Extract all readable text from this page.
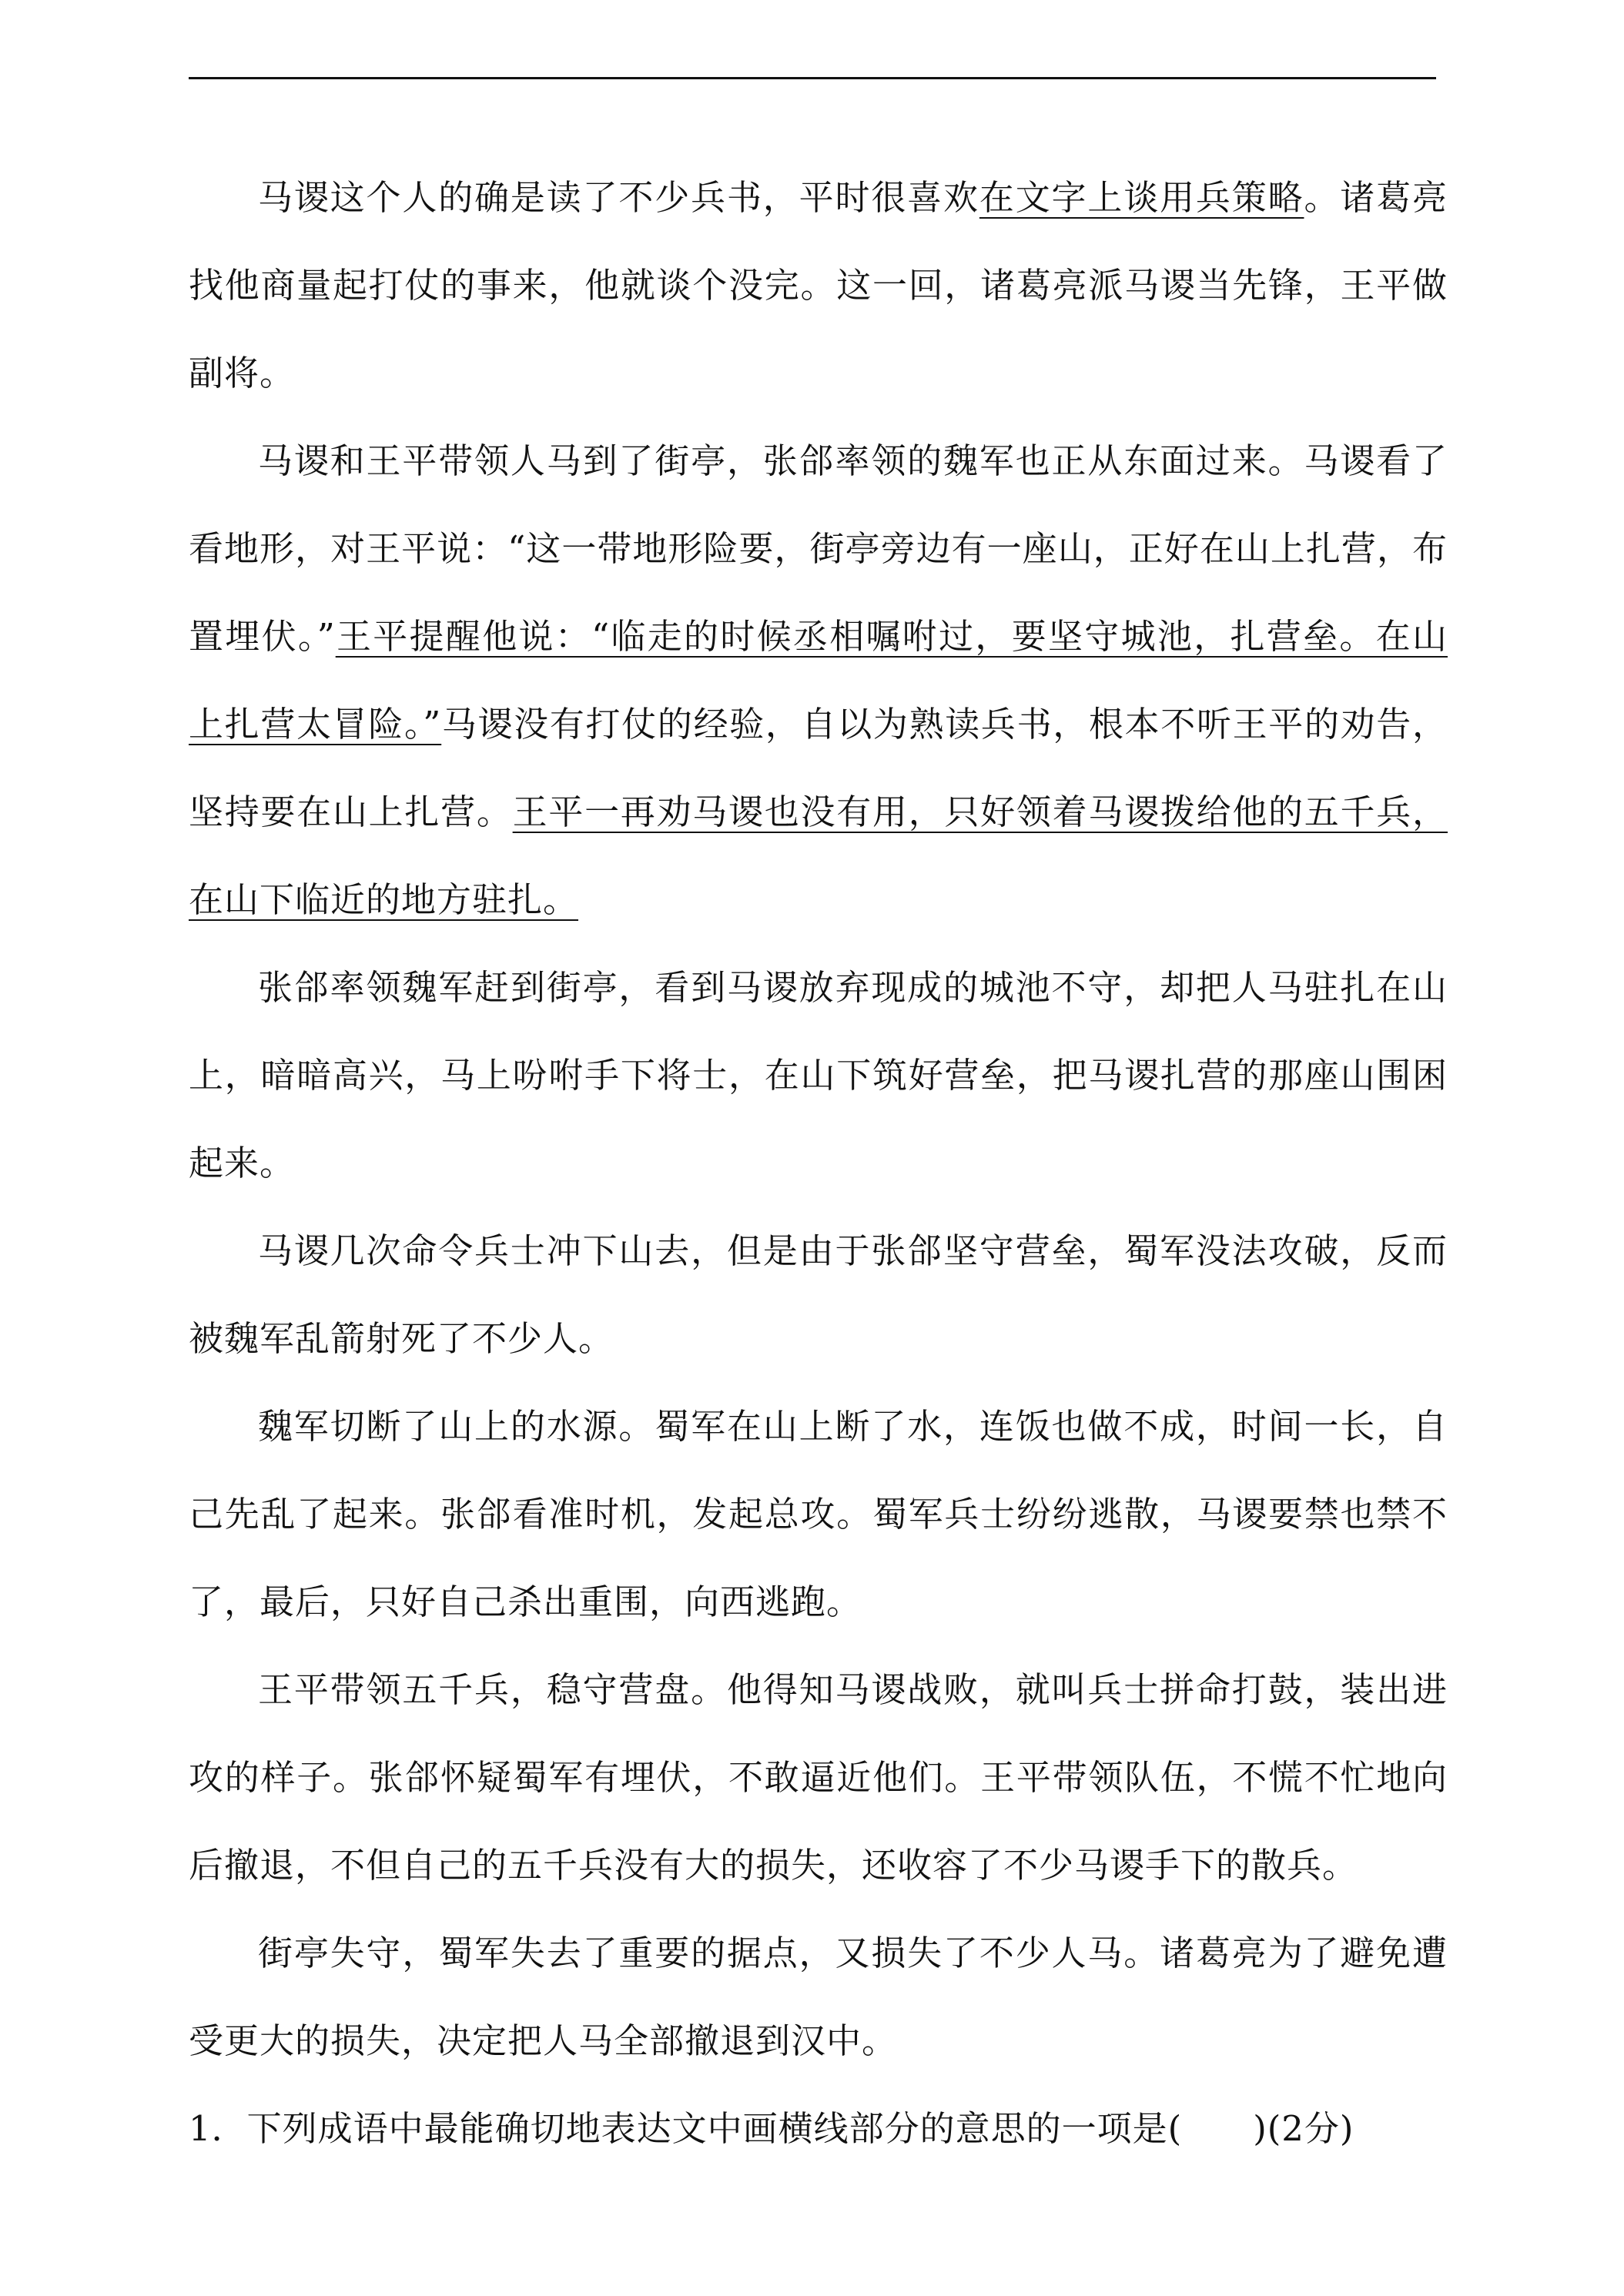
马谡这个人的确是读了不少兵书，平时很喜欢在文字上谈用兵策略。诸葛亮找他商量起打仗的事来，他就谈个没完。这一回，诸葛亮派马谡当先锋，王平做副将。

马谡和王平带领人马到了街亭，张郃率领的魏军也正从东面过来。马谡看了看地形，对王平说：“这一带地形险要，街亭旁边有一座山，正好在山上扎营，布置埋伏。”王平提醒他说：“临走的时候丞相嘱咐过，要坚守城池，扎营垒。在山上扎营太冒险。”马谡没有打仗的经验，自以为熟读兵书，根本不听王平的劝告，坚持要在山上扎营。王平一再劝马谡也没有用，只好领着马谡拨给他的五千兵，在山下临近的地方驻扎。

张郃率领魏军赶到街亭，看到马谡放弃现成的城池不守，却把人马驻扎在山上，暗暗高兴，马上吩咐手下将士，在山下筑好营垒，把马谡扎营的那座山围困起来。

马谡几次命令兵士冲下山去，但是由于张郃坚守营垒，蜀军没法攻破，反而被魏军乱箭射死了不少人。

魏军切断了山上的水源。蜀军在山上断了水，连饭也做不成，时间一长，自己先乱了起来。张郃看准时机，发起总攻。蜀军兵士纷纷逃散，马谡要禁也禁不了，最后，只好自己杀出重围，向西逃跑。

王平带领五千兵，稳守营盘。他得知马谡战败，就叫兵士拼命打鼓，装出进攻的样子。张郃怀疑蜀军有埋伏，不敢逼近他们。王平带领队伍，不慌不忙地向后撤退，不但自己的五千兵没有大的损失，还收容了不少马谡手下的散兵。

街亭失守，蜀军失去了重要的据点，又损失了不少人马。诸葛亮为了避免遭受更大的损失，决定把人马全部撤退到汉中。

1．下列成语中最能确切地表达文中画横线部分的意思的一项是(　　)(2分)
